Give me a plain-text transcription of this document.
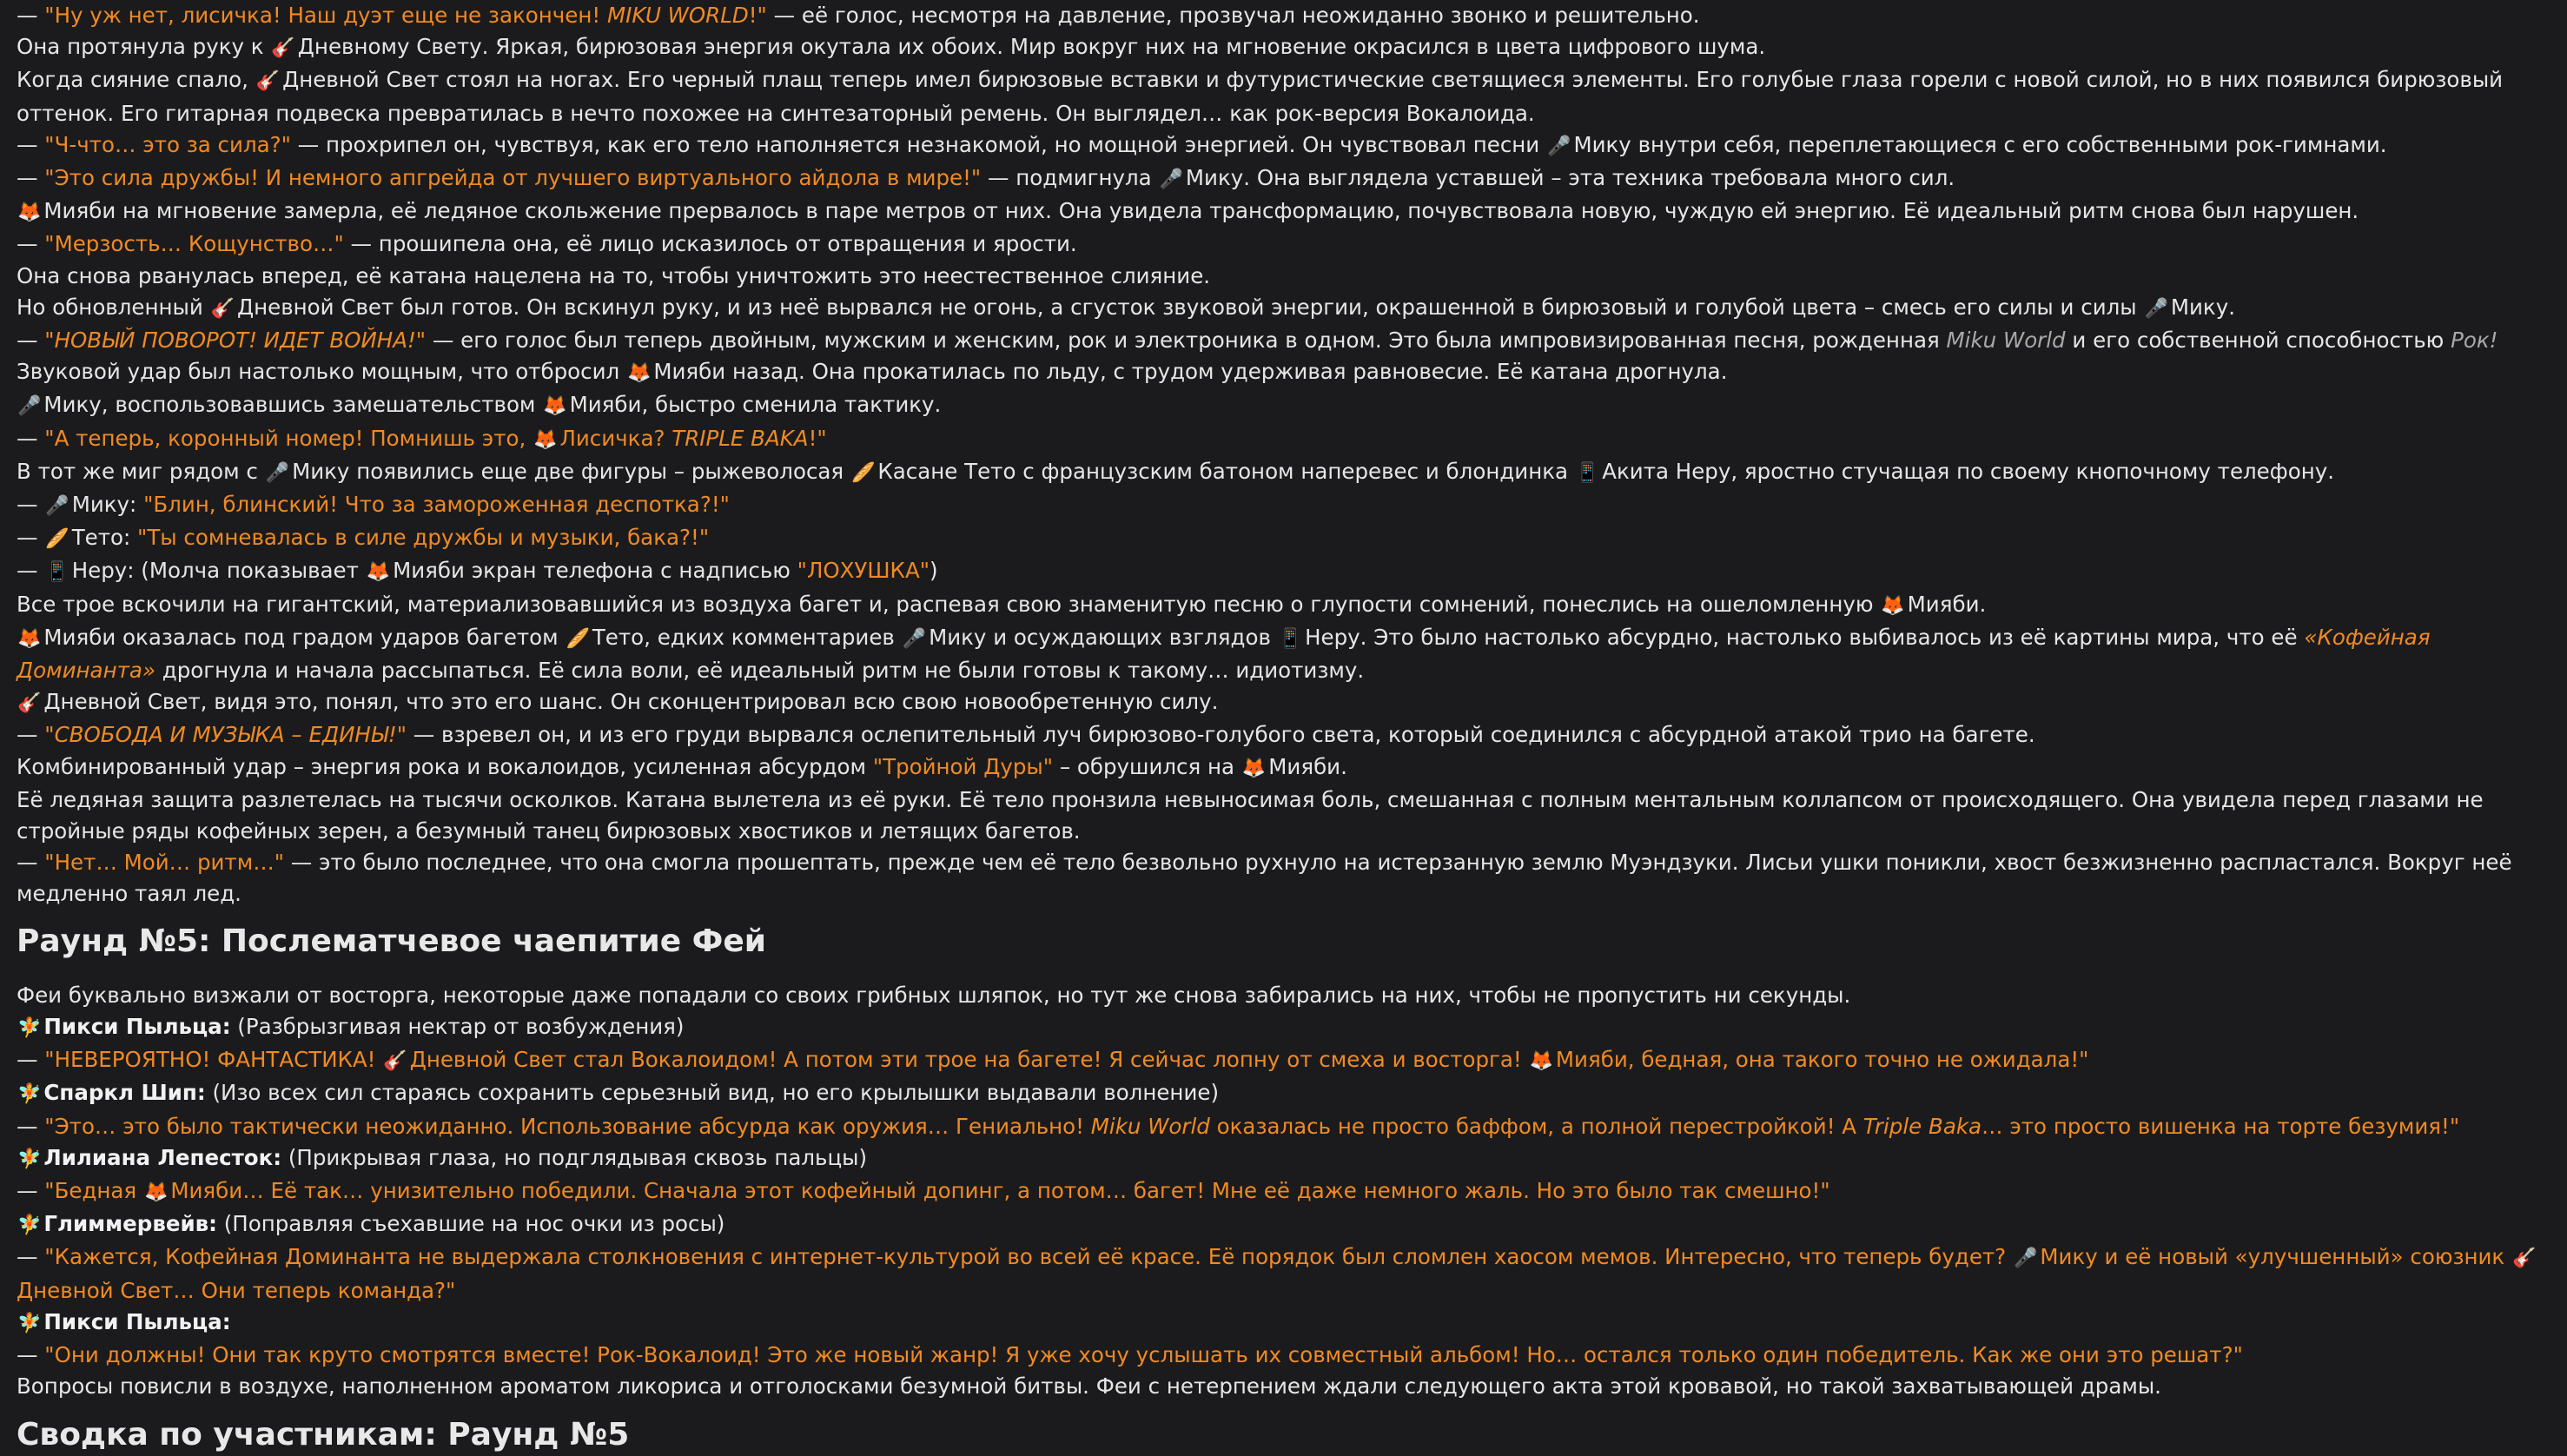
— "Ну уж нет, лисичка! Наш дуэт еще не закончен! MIKU WORLD!" — её голос, несмотря на давление, прозвучал неожиданно звонко и решительно.
Она протянула руку к 🎸 Дневному Свету. Яркая, бирюзовая энергия окутала их обоих. Мир вокруг них на мгновение окрасился в цвета цифрового шума.
Когда сияние спало, 🎸 Дневной Свет стоял на ногах. Его черный плащ теперь имел бирюзовые вставки и футуристические светящиеся элементы. Его голубые глаза горели с новой силой, но в них появился бирюзовый оттенок. Его гитарная подвеска превратилась в нечто похожее на синтезаторный ремень. Он выглядел… как рок-версия Вокалоида.
— "Ч-что… это за сила?" — прохрипел он, чувствуя, как его тело наполняется незнакомой, но мощной энергией. Он чувствовал песни 🎤 Мику внутри себя, переплетающиеся с его собственными рок-гимнами.
— "Это сила дружбы! И немного апгрейда от лучшего виртуального айдола в мире!" — подмигнула 🎤 Мику. Она выглядела уставшей – эта техника требовала много сил.
🦊 Мияби на мгновение замерла, её ледяное скольжение прервалось в паре метров от них. Она увидела трансформацию, почувствовала новую, чуждую ей энергию. Её идеальный ритм снова был нарушен.
— "Мерзость… Кощунство…" — прошипела она, её лицо исказилось от отвращения и ярости.
Она снова рванулась вперед, её катана нацелена на то, чтобы уничтожить это неестественное слияние.
Но обновленный 🎸 Дневной Свет был готов. Он вскинул руку, и из неё вырвался не огонь, а сгусток звуковой энергии, окрашенной в бирюзовый и голубой цвета – смесь его силы и силы 🎤 Мику.
— "НОВЫЙ ПОВОРОТ! ИДЕТ ВОЙНА!" — его голос был теперь двойным, мужским и женским, рок и электроника в одном. Это была импровизированная песня, рожденная Miku World и его собственной способностью Рок!
Звуковой удар был настолько мощным, что отбросил 🦊 Мияби назад. Она прокатилась по льду, с трудом удерживая равновесие. Её катана дрогнула.
🎤 Мику, воспользовавшись замешательством 🦊 Мияби, быстро сменила тактику.
— "А теперь, коронный номер! Помнишь это, 🦊 Лисичка? TRIPLE BAKA!"
В тот же миг рядом с 🎤 Мику появились еще две фигуры – рыжеволосая 🥖 Касане Тето с французским батоном наперевес и блондинка 📱 Акита Неру, яростно стучащая по своему кнопочному телефону.
— 🎤 Мику: "Блин, блинский! Что за замороженная деспотка?!"
— 🥖 Тето: "Ты сомневалась в силе дружбы и музыки, бака?!"
— 📱 Неру: (Молча показывает 🦊 Мияби экран телефона с надписью "ЛОХУШКА")
Все трое вскочили на гигантский, материализовавшийся из воздуха багет и, распевая свою знаменитую песню о глупости сомнений, понеслись на ошеломленную 🦊 Мияби.
🦊 Мияби оказалась под градом ударов багетом 🥖 Тето, едких комментариев 🎤 Мику и осуждающих взглядов 📱 Неру. Это было настолько абсурдно, настолько выбивалось из её картины мира, что её «Кофейная Доминанта» дрогнула и начала рассыпаться. Её сила воли, её идеальный ритм не были готовы к такому… идиотизму.
🎸 Дневной Свет, видя это, понял, что это его шанс. Он сконцентрировал всю свою новообретенную силу.
— "СВОБОДА И МУЗЫКА – ЕДИНЫ!" — взревел он, и из его груди вырвался ослепительный луч бирюзово-голубого света, который соединился с абсурдной атакой трио на багете.
Комбинированный удар – энергия рока и вокалоидов, усиленная абсурдом "Тройной Дуры" – обрушился на 🦊 Мияби.
Её ледяная защита разлетелась на тысячи осколков. Катана вылетела из её руки. Её тело пронзила невыносимая боль, смешанная с полным ментальным коллапсом от происходящего. Она увидела перед глазами не стройные ряды кофейных зерен, а безумный танец бирюзовых хвостиков и летящих багетов.
— "Нет… Мой… ритм…" — это было последнее, что она смогла прошептать, прежде чем её тело безвольно рухнуло на истерзанную землю Муэндзуки. Лисьи ушки поникли, хвост безжизненно распластался. Вокруг неё медленно таял лед.
Раунд №5: Послематчевое чаепитие Фей
Феи буквально визжали от восторга, некоторые даже попадали со своих грибных шляпок, но тут же снова забирались на них, чтобы не пропустить ни секунды.
🧚 Пикси Пыльца: (Разбрызгивая нектар от возбуждения)
— "НЕВЕРОЯТНО! ФАНТАСТИКА! 🎸 Дневной Свет стал Вокалоидом! А потом эти трое на багете! Я сейчас лопну от смеха и восторга! 🦊 Мияби, бедная, она такого точно не ожидала!"
🧚 Спаркл Шип: (Изо всех сил стараясь сохранить серьезный вид, но его крылышки выдавали волнение)
— "Это… это было тактически неожиданно. Использование абсурда как оружия… Гениально! Miku World оказалась не просто баффом, а полной перестройкой! А Triple Baka… это просто вишенка на торте безумия!"
🧚 Лилиана Лепесток: (Прикрывая глаза, но подглядывая сквозь пальцы)
— "Бедная 🦊 Мияби… Её так… унизительно победили. Сначала этот кофейный допинг, а потом… багет! Мне её даже немного жаль. Но это было так смешно!"
🧚 Глиммервейв: (Поправляя съехавшие на нос очки из росы)
— "Кажется, Кофейная Доминанта не выдержала столкновения с интернет-культурой во всей её красе. Её порядок был сломлен хаосом мемов. Интересно, что теперь будет? 🎤 Мику и её новый «улучшенный» союзник 🎸Дневной Свет… Они теперь команда?"
🧚 Пикси Пыльца:
— "Они должны! Они так круто смотрятся вместе! Рок-Вокалоид! Это же новый жанр! Я уже хочу услышать их совместный альбом! Но… остался только один победитель. Как же они это решат?"
Вопросы повисли в воздухе, наполненном ароматом ликориса и отголосками безумной битвы. Феи с нетерпением ждали следующего акта этой кровавой, но такой захватывающей драмы.
Сводка по участникам: Раунд №5
